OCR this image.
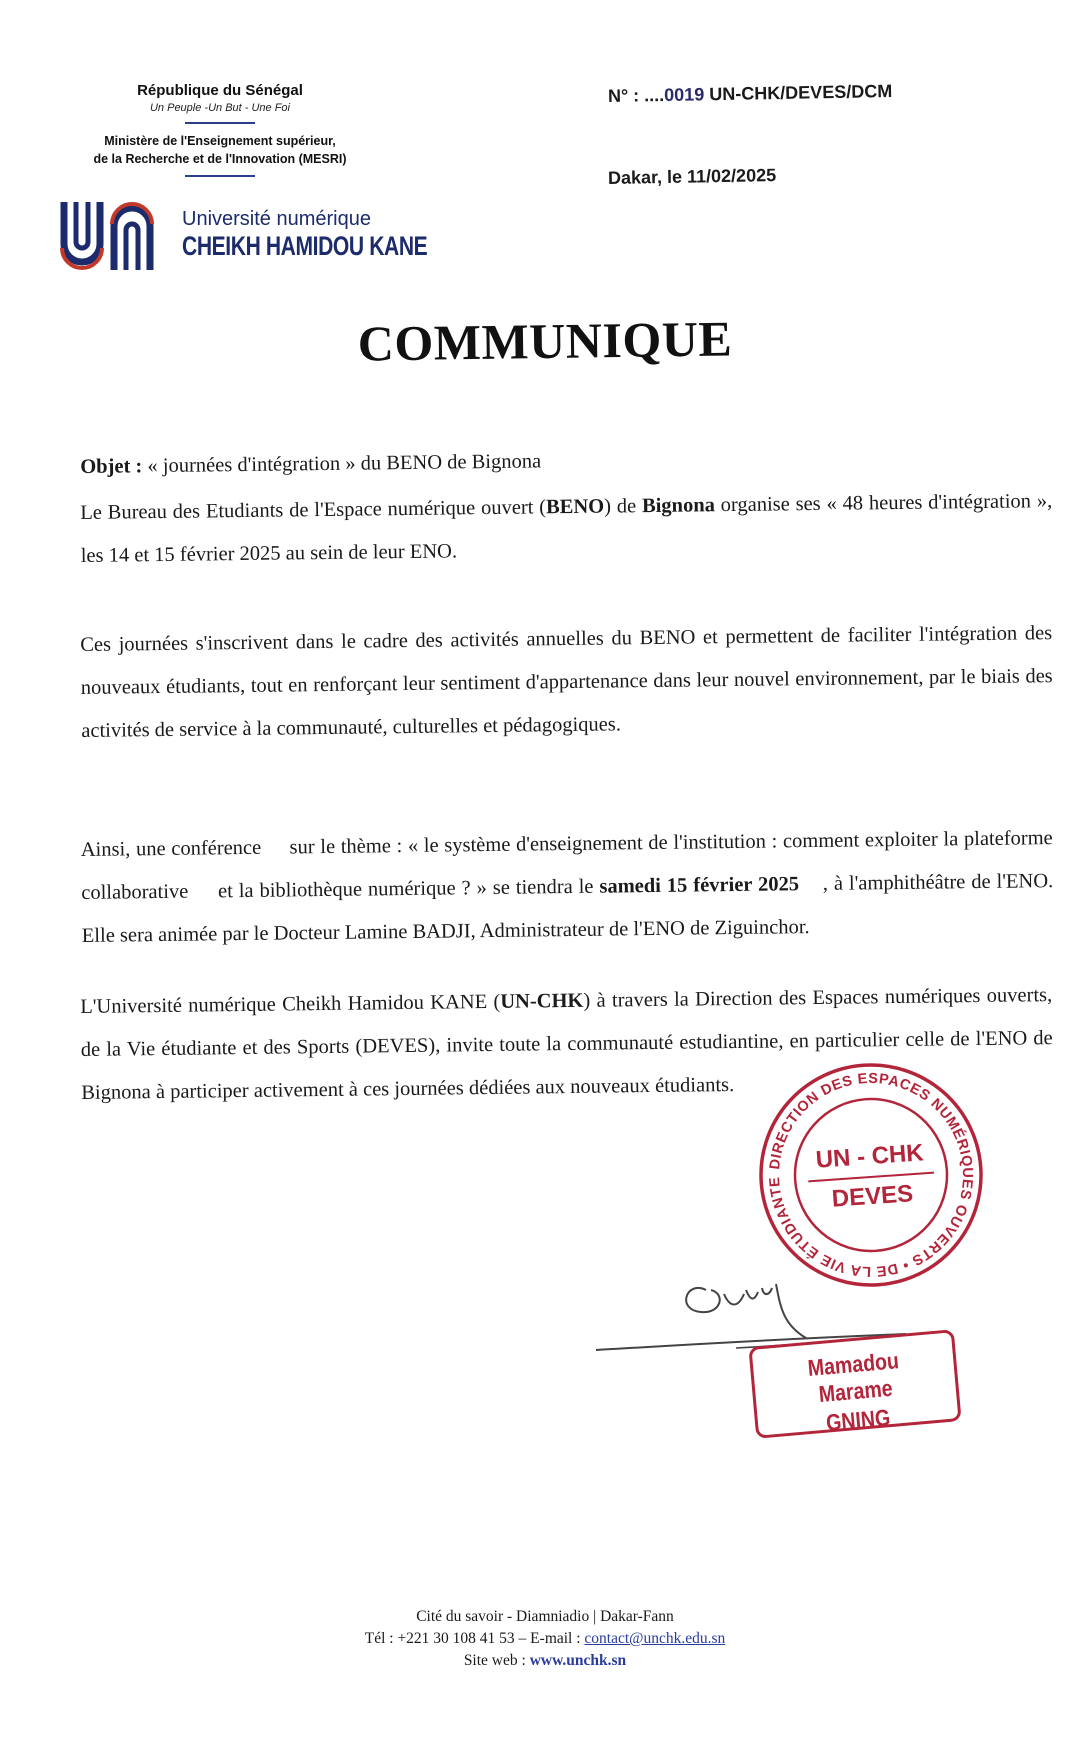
République du Sénégal
Un Peuple -Un But - Une Foi
Ministère de l'Enseignement supérieur,
de la Recherche et de l'Innovation (MESRI)
Université numérique
CHEIKH HAMIDOU KANE
N° : ....0019 UN-CHK/DEVES/DCM
Dakar, le 11/02/2025
COMMUNIQUE
Objet : « journées d'intégration » du BENO de Bignona
Le Bureau des Etudiants de l'Espace numérique ouvert (BENO) de Bignona organise ses « 48 heures d'intégration », les 14 et 15 février 2025 au sein de leur ENO.
Ces journées s'inscrivent dans le cadre des activités annuelles du BENO et permettent de faciliter l'intégration des nouveaux étudiants, tout en renforçant leur sentiment d'appartenance dans leur nouvel environnement, par le biais des activités de service à la communauté, culturelles et pédagogiques.

Ainsi, une conférence     sur le thème : « le système d'enseignement de l'institution : comment exploiter la plateforme collaborative     et la bibliothèque numérique ? » se tiendra le samedi 15 février 2025    , à l'amphithéâtre de l'ENO. Elle sera animée par le Docteur Lamine BADJI, Administrateur de l'ENO de Ziguinchor.

L'Université numérique Cheikh Hamidou KANE (UN-CHK) à travers la Direction des Espaces numériques ouverts, de la Vie étudiante et des Sports (DEVES), invite toute la communauté estudiantine, en particulier celle de l'ENO de Bignona à participer activement à ces journées dédiées aux nouveaux étudiants.
DIRECTION DES ESPACES NUMÉRIQUES OUVERTS • DE LA VIE ÉTUDIANTE ET DES SPORTS •
UN - CHK
DEVES
Mamadou Marame
GNING
Cité du savoir - Diamniadio | Dakar-Fann
Tél : +221 30 108 41 53 – E-mail : contact@unchk.edu.sn
Site web : www.unchk.sn
